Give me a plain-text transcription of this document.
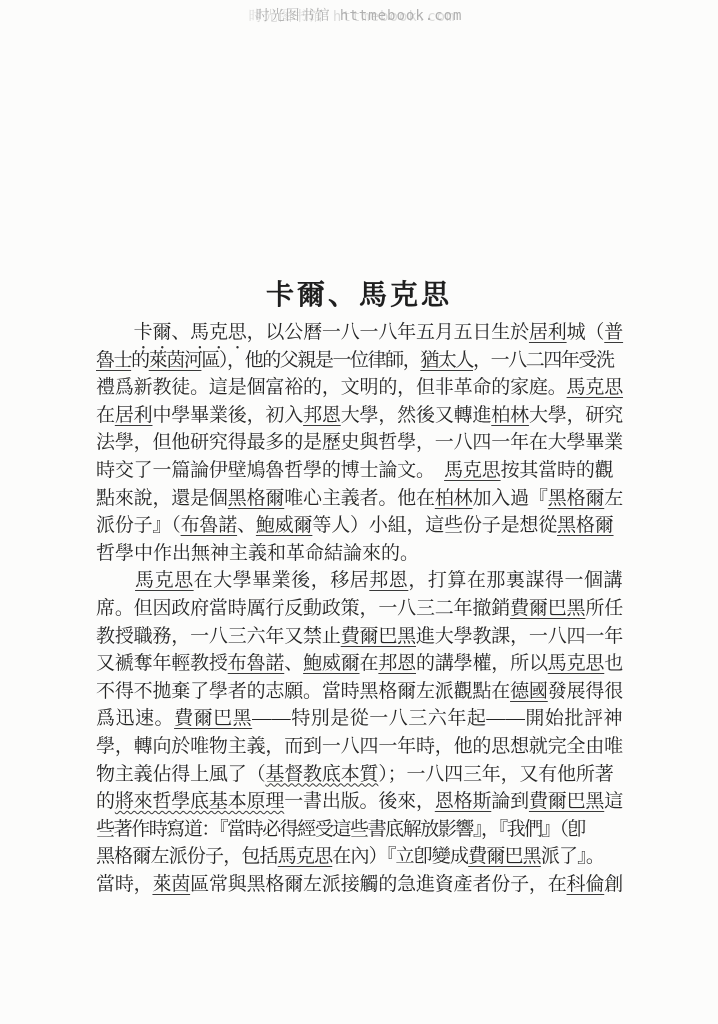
时光图书馆 httmebook.com
卡爾、馬克思
　　卡爾、馬克思，以公曆一八一八年五月五日生於居利城（普
魯士的萊茵河區），他的父親是一位律師，猶太人，一八二四年受洗
禮爲新教徒。這是個富裕的，文明的，但非革命的家庭。馬克思
在居利中學畢業後，初入邦恩大學，然後又轉進柏林大學，研究
法學，但他研究得最多的是歷史與哲學，一八四一年在大學畢業
時交了一篇論伊壁鳩魯哲學的博士論文。　馬克思按其當時的觀
點來說，還是個黑格爾唯心主義者。他在柏林加入過『黑格爾左
派份子』（布魯諾、鮑威爾等人）小組，這些份子是想從黑格爾
哲學中作出無神主義和革命結論來的。
　　馬克思在大學畢業後，移居邦恩，打算在那裏謀得一個講
席。但因政府當時厲行反動政策，一八三二年撤銷費爾巴黑所任
教授職務，一八三六年又禁止費爾巴黑進大學教課，一八四一年
又褫奪年輕教授布魯諾、鮑威爾在邦恩的講學權，所以馬克思也
不得不拋棄了學者的志願。當時黑格爾左派觀點在德國發展得很
爲迅速。費爾巴黑——特別是從一八三六年起——開始批評神
學，轉向於唯物主義，而到一八四一年時，他的思想就完全由唯
物主義佔得上風了（基督教底本質）；一八四三年，又有他所著
的將來哲學底基本原理一書出版。後來，恩格斯論到費爾巴黑這
些著作時寫道：『當時必得經受這些書底解放影響』，『我們』（卽
黑格爾左派份子，包括馬克思在內）『立卽變成費爾巴黑派了』。
當時，萊茵區常與黑格爾左派接觸的急進資產者份子，在科倫創
